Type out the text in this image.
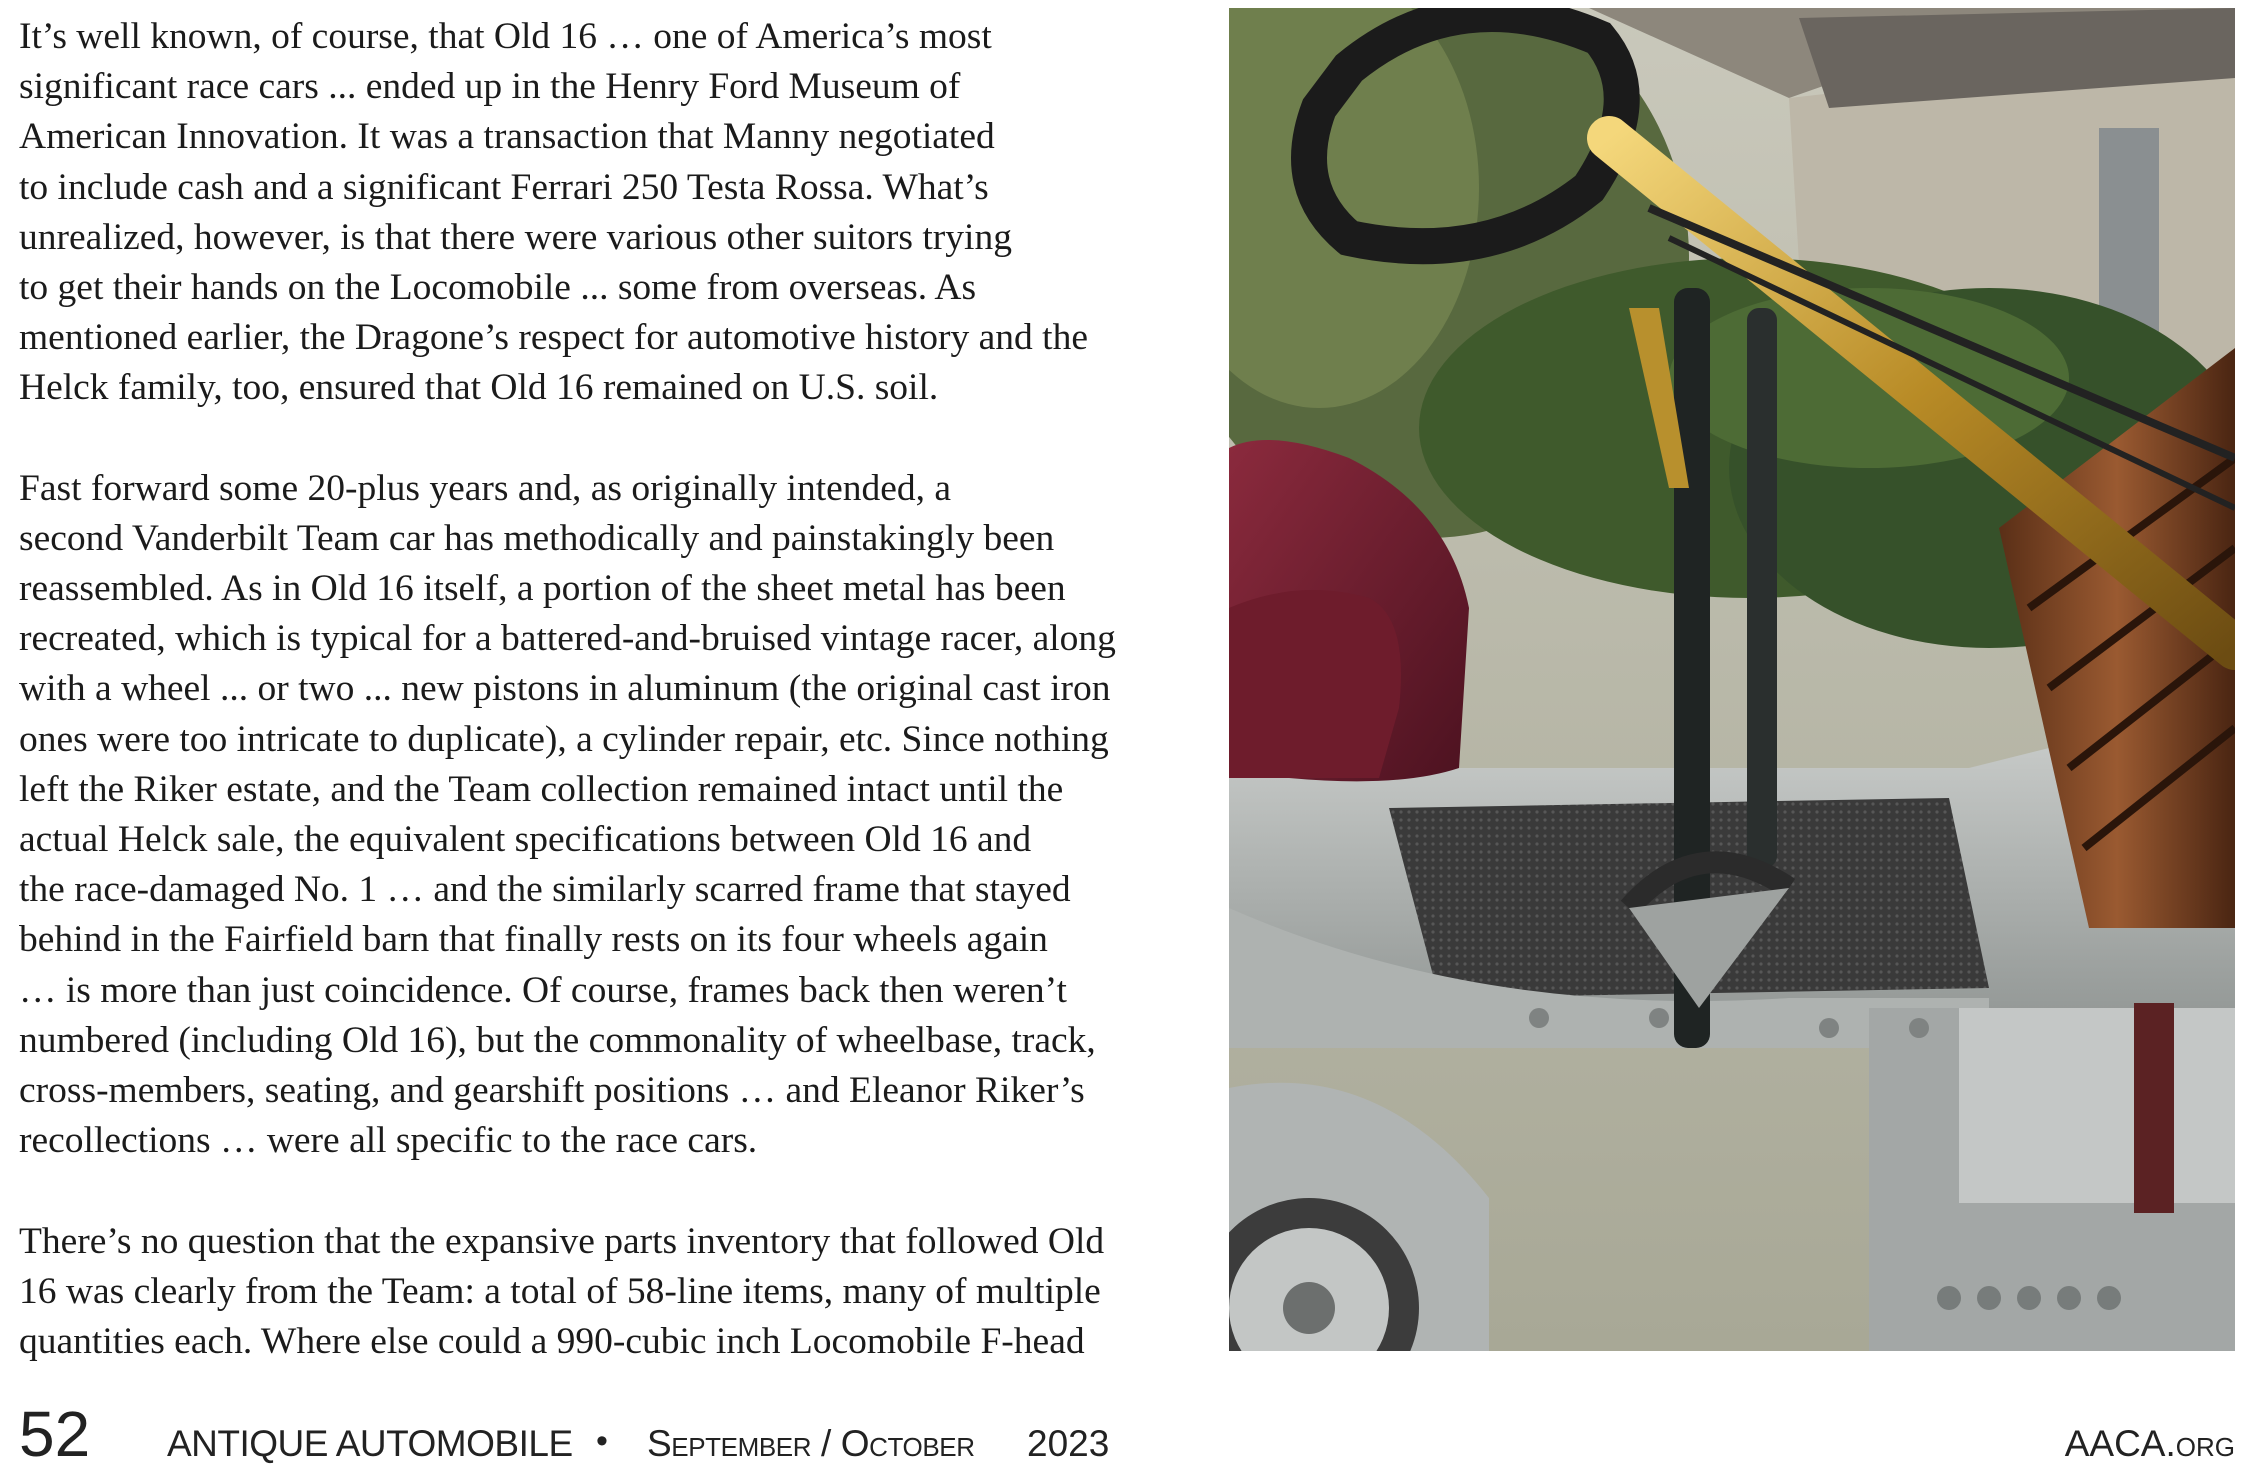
It’s well known, of course, that Old 16 … one of America’s most
significant race cars ... ended up in the Henry Ford Museum of
American Innovation. It was a transaction that Manny negotiated
to include cash and a significant Ferrari 250 Testa Rossa. What’s
unrealized, however, is that there were various other suitors trying
to get their hands on the Locomobile ... some from overseas. As
mentioned earlier, the Dragone’s respect for automotive history and the
Helck family, too, ensured that Old 16 remained on U.S. soil.
Fast forward some 20-plus years and, as originally intended, a
second Vanderbilt Team car has methodically and painstakingly been
reassembled. As in Old 16 itself, a portion of the sheet metal has been
recreated, which is typical for a battered-and-bruised vintage racer, along
with a wheel ... or two ... new pistons in aluminum (the original cast iron
ones were too intricate to duplicate), a cylinder repair, etc. Since nothing
left the Riker estate, and the Team collection remained intact until the
actual Helck sale, the equivalent specifications between Old 16 and
the race-damaged No. 1 … and the similarly scarred frame that stayed
behind in the Fairfield barn that finally rests on its four wheels again
… is more than just coincidence. Of course, frames back then weren’t
numbered (including Old 16), but the commonality of wheelbase, track,
cross-members, seating, and gearshift positions … and Eleanor Riker’s
recollections … were all specific to the race cars.
There’s no question that the expansive parts inventory that followed Old
16 was clearly from the Team: a total of 58-line items, many of multiple
quantities each. Where else could a 990-cubic inch Locomobile F-head
52 ANTIQUE AUTOMOBILE • September / October 2023	AACA.org
